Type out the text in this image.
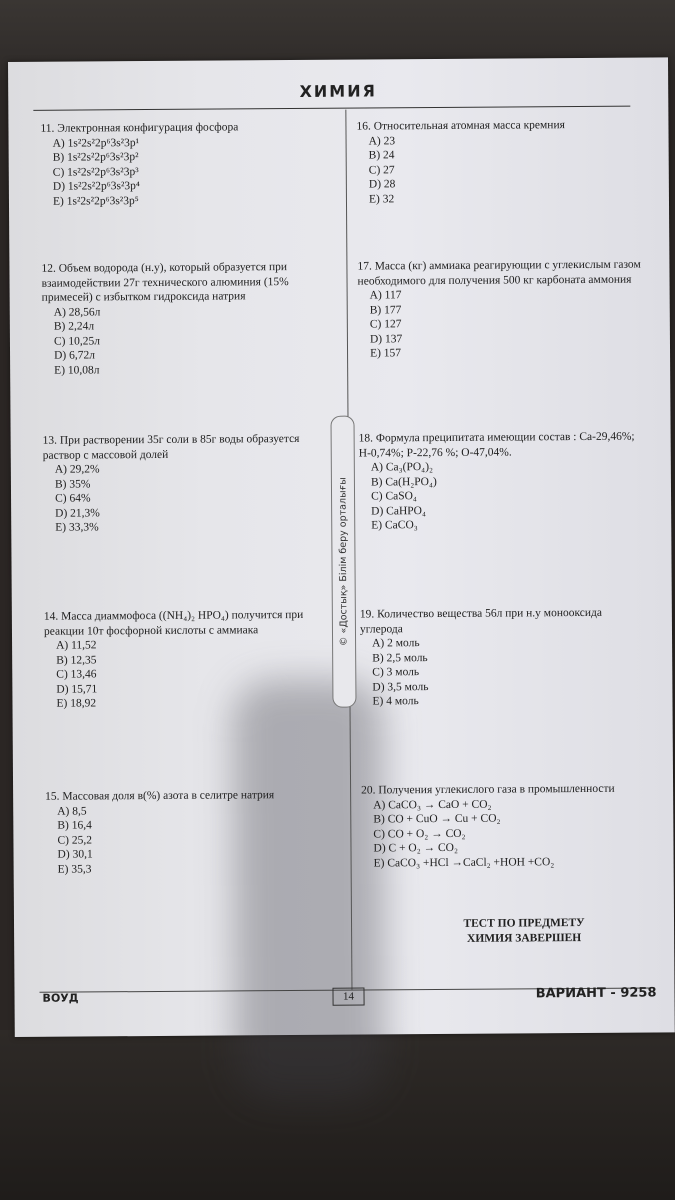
ХИМИЯ
11. Электронная конфигурация фосфора
A) 1s²2s²2p⁶3s²3p¹
B) 1s²2s²2p⁶3s²3p²
C) 1s²2s²2p⁶3s²3p³
D) 1s²2s²2p⁶3s²3p⁴
E) 1s²2s²2p⁶3s²3p⁵
12. Объем водорода (н.у), который образуется при взаимодействии 27г технического алюминия (15% примесей) с избытком гидроксида натрия
A) 28,56л
B) 2,24л
C) 10,25л
D) 6,72л
E) 10,08л
13. При растворении 35г соли в 85г воды образуется раствор с массовой долей
A) 29,2%
B) 35%
C) 64%
D) 21,3%
E) 33,3%
14. Масса диаммофоса ((NH₄)₂ HPO₄) получится при реакции 10т фосфорной кислоты с аммиака
A) 11,52
B) 12,35
C) 13,46
D) 15,71
E) 18,92
15. Массовая доля в(%) азота в селитре натрия
A) 8,5
B) 16,4
C) 25,2
D) 30,1
E) 35,3
© «Достық» Білім беру орталығы
16. Относительная атомная масса кремния
A) 23
B) 24
C) 27
D) 28
E) 32
17. Масса (кг) аммиака реагирующии с углекислым газом необходимого для получения 500 кг карбоната аммония
A) 117
B) 177
C) 127
D) 137
E) 157
18. Формула преципитата имеющии состав : Са-29,46%; Н-0,74%; Р-22,76 %; О-47,04%.
A) Ca₃(PO₄)₂
B) Ca(H₂PO₄)
C) CaSO₄
D) CaHPO₄
E) CaCO₃
19. Количество вещества 56л при н.у моноoксида углерода
A) 2 моль
B) 2,5 моль
C) 3 моль
D) 3,5 моль
E) 4 моль
20. Получения углекислого газа в промышленности
A) CaCO₃ → CaO + CO₂
B) CO + CuO → Cu + CO₂
C) CO + O₂ → CO₂
D) C + O₂ → CO₂
E) CaCO₃ +HCl →CaCl₂ +HOH +CO₂
ТЕСТ ПО ПРЕДМЕТУ
ХИМИЯ ЗАВЕРШЕН
ВОУД	14	ВАРИАНТ - 9258
